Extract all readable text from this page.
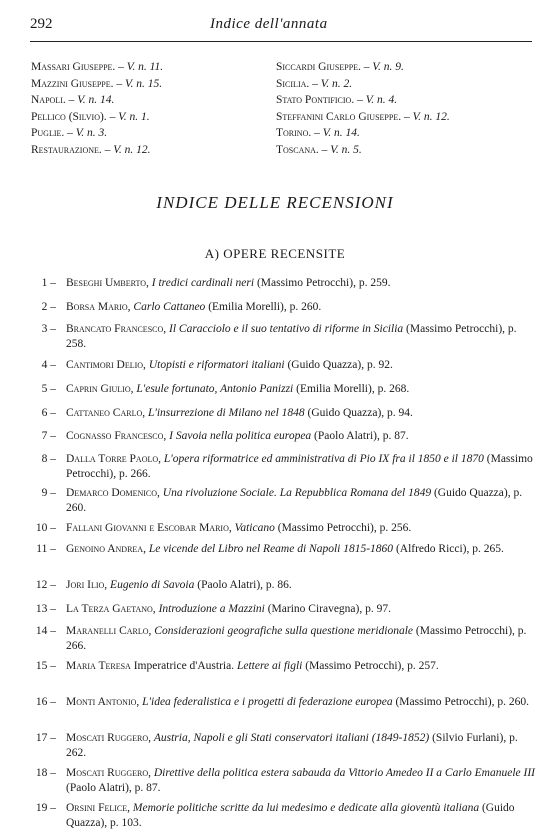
292	Indice dell'annata
Massari Giuseppe. – V. n. 11.
Mazzini Giuseppe. – V. n. 15.
Napoli. – V. n. 14.
Pellico (Silvio). – V. n. 1.
Puglie. – V. n. 3.
Restaurazione. – V. n. 12.
Siccardi Giuseppe. – V. n. 9.
Sicilia. – V. n. 2.
Stato Pontificio. – V. n. 4.
Steffanini Carlo Giuseppe. – V. n. 12.
Torino. – V. n. 14.
Toscana. – V. n. 5.
INDICE DELLE RECENSIONI
A) OPERE RECENSITE
1 – Beseghi Umberto, I tredici cardinali neri (Massimo Petrocchi), p. 259.
2 – Borsa Mario, Carlo Cattaneo (Emilia Morelli), p. 260.
3 – Brancato Francesco, Il Caracciolo e il suo tentativo di riforme in Sicilia (Massimo Petrocchi), p. 258.
4 – Cantimori Delio, Utopisti e riformatori italiani (Guido Quazza), p. 92.
5 – Caprin Giulio, L'esule fortunato, Antonio Panizzi (Emilia Morelli), p. 268.
6 – Cattaneo Carlo, L'insurrezione di Milano nel 1848 (Guido Quazza), p. 94.
7 – Cognasso Francesco, I Savoia nella politica europea (Paolo Alatri), p. 87.
8 – Dalla Torre Paolo, L'opera riformatrice ed amministrativa di Pio IX fra il 1850 e il 1870 (Massimo Petrocchi), p. 266.
9 – Demarco Domenico, Una rivoluzione Sociale. La Repubblica Romana del 1849 (Guido Quazza), p. 260.
10 – Fallani Giovanni e Escobar Mario, Vaticano (Massimo Petrocchi), p. 256.
11 – Genoino Andrea, Le vicende del Libro nel Reame di Napoli 1815-1860 (Alfredo Ricci), p. 265.
12 – Jori Ilio, Eugenio di Savoia (Paolo Alatri), p. 86.
13 – La Terza Gaetano, Introduzione a Mazzini (Marino Ciravegna), p. 97.
14 – Maranelli Carlo, Considerazioni geografiche sulla questione meridionale (Massimo Petrocchi), p. 266.
15 – Maria Teresa Imperatrice d'Austria. Lettere ai figli (Massimo Petrocchi), p. 257.
16 – Monti Antonio, L'idea federalistica e i progetti di federazione europea (Massimo Petrocchi), p. 260.
17 – Moscati Ruggero, Austria, Napoli e gli Stati conservatori italiani (1849-1852) (Silvio Furlani), p. 262.
18 – Moscati Ruggero, Direttive della politica estera sabauda da Vittorio Amedeo II a Carlo Emanuele III (Paolo Alatri), p. 87.
19 – Orsini Felice, Memorie politiche scritte da lui medesimo e dedicate alla gioventù italiana (Guido Quazza), p. 103.
